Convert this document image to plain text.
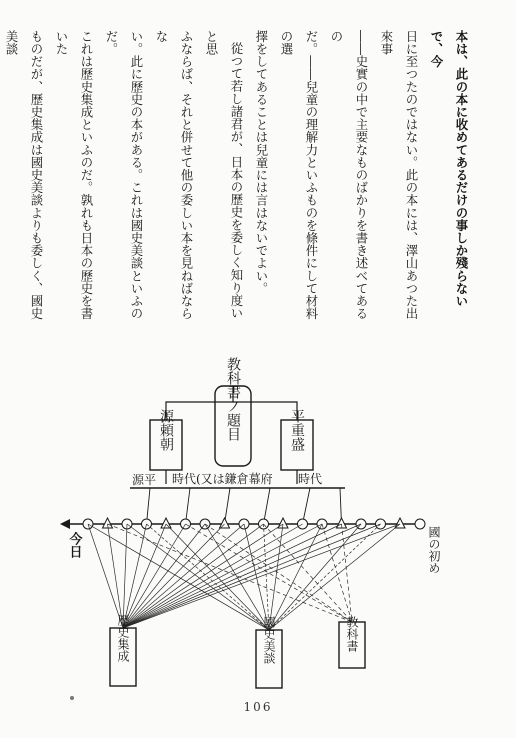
本は、此の本に收めてあるだけの事しか殘らないで、今

日に至つたのではない。此の本には、澤山あつた出來事

――史實の中で主要なものばかりを書き述べてあるの

だ。――兒童の理解力といふものを條件にして材料の選

擇をしてあることは兒童には言はないでよい。

從つて若し諸君が、日本の歷史を委しく知り度いと思

ふならば、それと併せて他の委しい本を見ねばならな

い。此に歷史の本がある。これは國史美談といふのだ。

これは歷史集成といふのだ。孰れも日本の歷史を書いた

ものだが、歷史集成は國史美談よりも委しく、國史美談

教科書ノ題目
源頼朝	平重盛
源平 時代(又は鎌倉幕府 時代
今日	國の初め
歷史集成	國史美談	教科書
106
